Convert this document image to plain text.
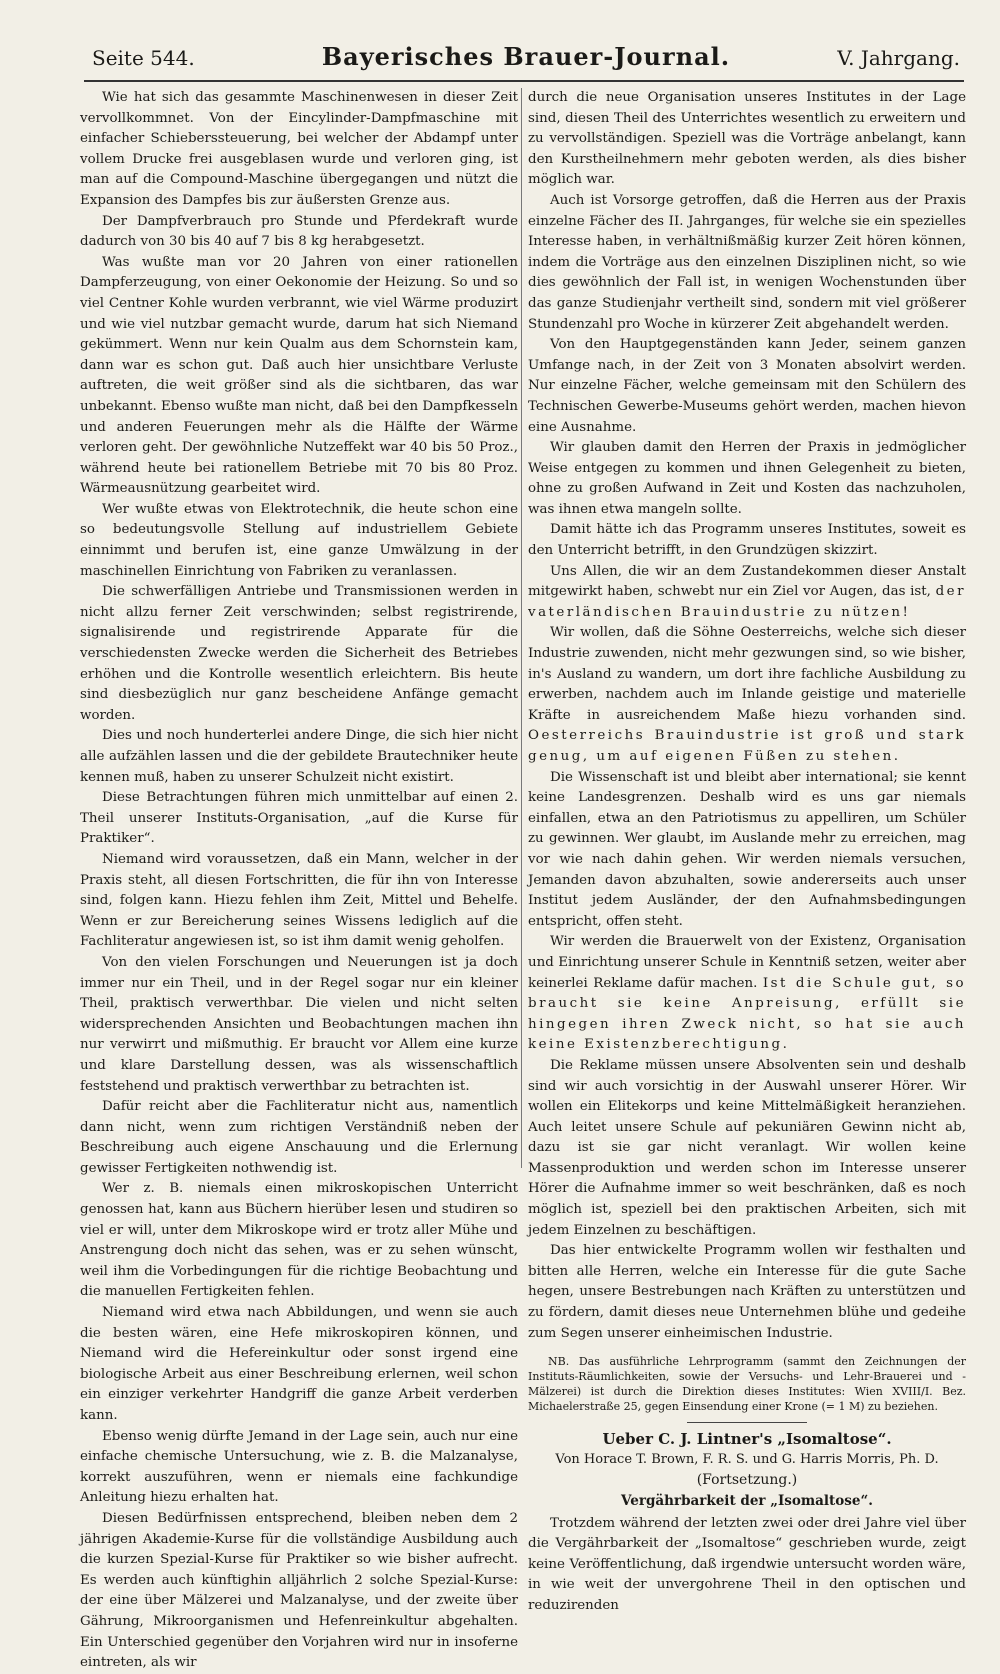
Seite 544.	Bayerisches Brauer-Journal.	V. Jahrgang.

Wie hat sich das gesammte Maschinenwesen in dieser Zeit vervollkommnet. Von der Eincylinder-Dampfmaschine mit einfacher Schieberssteuerung, bei welcher der Abdampf unter vollem Drucke frei ausgeblasen wurde und verloren ging, ist man auf die Compound-Maschine übergegangen und nützt die Expansion des Dampfes bis zur äußersten Grenze aus.

Der Dampfverbrauch pro Stunde und Pferdekraft wurde dadurch von 30 bis 40 auf 7 bis 8 kg herabgesetzt.

Was wußte man vor 20 Jahren von einer rationellen Dampferzeugung, von einer Oekonomie der Heizung. So und so viel Centner Kohle wurden verbrannt, wie viel Wärme produzirt und wie viel nutzbar gemacht wurde, darum hat sich Niemand gekümmert. Wenn nur kein Qualm aus dem Schornstein kam, dann war es schon gut. Daß auch hier unsichtbare Verluste auftreten, die weit größer sind als die sichtbaren, das war unbekannt. Ebenso wußte man nicht, daß bei den Dampfkesseln und anderen Feuerungen mehr als die Hälfte der Wärme verloren geht. Der gewöhnliche Nutzeffekt war 40 bis 50 Proz., während heute bei rationellem Betriebe mit 70 bis 80 Proz. Wärmeausnützung gearbeitet wird.

Wer wußte etwas von Elektrotechnik, die heute schon eine so bedeutungsvolle Stellung auf industriellem Gebiete einnimmt und berufen ist, eine ganze Umwälzung in der maschinellen Einrichtung von Fabriken zu veranlassen.

Die schwerfälligen Antriebe und Transmissionen werden in nicht allzu ferner Zeit verschwinden; selbst registrirende, signalisirende und registrirende Apparate für die verschiedensten Zwecke werden die Sicherheit des Betriebes erhöhen und die Kontrolle wesentlich erleichtern. Bis heute sind diesbezüglich nur ganz bescheidene Anfänge gemacht worden.

Dies und noch hunderterlei andere Dinge, die sich hier nicht alle aufzählen lassen und die der gebildete Brautechniker heute kennen muß, haben zu unserer Schulzeit nicht existirt.

Diese Betrachtungen führen mich unmittelbar auf einen 2. Theil unserer Instituts-Organisation, „auf die Kurse für Praktiker“.

Niemand wird voraussetzen, daß ein Mann, welcher in der Praxis steht, all diesen Fortschritten, die für ihn von Interesse sind, folgen kann. Hiezu fehlen ihm Zeit, Mittel und Behelfe. Wenn er zur Bereicherung seines Wissens lediglich auf die Fachliteratur angewiesen ist, so ist ihm damit wenig geholfen.

Von den vielen Forschungen und Neuerungen ist ja doch immer nur ein Theil, und in der Regel sogar nur ein kleiner Theil, praktisch verwerthbar. Die vielen und nicht selten widersprechenden Ansichten und Beobachtungen machen ihn nur verwirrt und mißmuthig. Er braucht vor Allem eine kurze und klare Darstellung dessen, was als wissenschaftlich feststehend und praktisch verwerthbar zu betrachten ist.

Dafür reicht aber die Fachliteratur nicht aus, namentlich dann nicht, wenn zum richtigen Verständniß neben der Beschreibung auch eigene Anschauung und die Erlernung gewisser Fertigkeiten nothwendig ist.

Wer z. B. niemals einen mikroskopischen Unterricht genossen hat, kann aus Büchern hierüber lesen und studiren so viel er will, unter dem Mikroskope wird er trotz aller Mühe und Anstrengung doch nicht das sehen, was er zu sehen wünscht, weil ihm die Vorbedingungen für die richtige Beobachtung und die manuellen Fertigkeiten fehlen.

Niemand wird etwa nach Abbildungen, und wenn sie auch die besten wären, eine Hefe mikroskopiren können, und Niemand wird die Hefereinkultur oder sonst irgend eine biologische Arbeit aus einer Beschreibung erlernen, weil schon ein einziger verkehrter Handgriff die ganze Arbeit verderben kann.

Ebenso wenig dürfte Jemand in der Lage sein, auch nur eine einfache chemische Untersuchung, wie z. B. die Malzanalyse, korrekt auszuführen, wenn er niemals eine fachkundige Anleitung hiezu erhalten hat.

Diesen Bedürfnissen entsprechend, bleiben neben dem 2 jährigen Akademie-Kurse für die vollständige Ausbildung auch die kurzen Spezial-Kurse für Praktiker so wie bisher aufrecht. Es werden auch künftighin alljährlich 2 solche Spezial-Kurse: der eine über Mälzerei und Malzanalyse, und der zweite über Gährung, Mikroorganismen und Hefenreinkultur abgehalten. Ein Unterschied gegenüber den Vorjahren wird nur in insoferne eintreten, als wir

durch die neue Organisation unseres Institutes in der Lage sind, diesen Theil des Unterrichtes wesentlich zu erweitern und zu vervollständigen. Speziell was die Vorträge anbelangt, kann den Kurstheilnehmern mehr geboten werden, als dies bisher möglich war.

Auch ist Vorsorge getroffen, daß die Herren aus der Praxis einzelne Fächer des II. Jahrganges, für welche sie ein spezielles Interesse haben, in verhältnißmäßig kurzer Zeit hören können, indem die Vorträge aus den einzelnen Disziplinen nicht, so wie dies gewöhnlich der Fall ist, in wenigen Wochenstunden über das ganze Studienjahr vertheilt sind, sondern mit viel größerer Stundenzahl pro Woche in kürzerer Zeit abgehandelt werden.

Von den Hauptgegenständen kann Jeder, seinem ganzen Umfange nach, in der Zeit von 3 Monaten absolvirt werden. Nur einzelne Fächer, welche gemeinsam mit den Schülern des Technischen Gewerbe-Museums gehört werden, machen hievon eine Ausnahme.

Wir glauben damit den Herren der Praxis in jedmöglicher Weise entgegen zu kommen und ihnen Gelegenheit zu bieten, ohne zu großen Aufwand in Zeit und Kosten das nachzuholen, was ihnen etwa mangeln sollte.

Damit hätte ich das Programm unseres Institutes, soweit es den Unterricht betrifft, in den Grundzügen skizzirt.

Uns Allen, die wir an dem Zustandekommen dieser Anstalt mitgewirkt haben, schwebt nur ein Ziel vor Augen, das ist, der vaterländischen Brauindustrie zu nützen!

Wir wollen, daß die Söhne Oesterreichs, welche sich dieser Industrie zuwenden, nicht mehr gezwungen sind, so wie bisher, in's Ausland zu wandern, um dort ihre fachliche Ausbildung zu erwerben, nachdem auch im Inlande geistige und materielle Kräfte in ausreichendem Maße hiezu vorhanden sind. Oesterreichs Brauindustrie ist groß und stark genug, um auf eigenen Füßen zu stehen.

Die Wissenschaft ist und bleibt aber international; sie kennt keine Landesgrenzen. Deshalb wird es uns gar niemals einfallen, etwa an den Patriotismus zu appelliren, um Schüler zu gewinnen. Wer glaubt, im Auslande mehr zu erreichen, mag vor wie nach dahin gehen. Wir werden niemals versuchen, Jemanden davon abzuhalten, sowie andererseits auch unser Institut jedem Ausländer, der den Aufnahmsbedingungen entspricht, offen steht.

Wir werden die Brauerwelt von der Existenz, Organisation und Einrichtung unserer Schule in Kenntniß setzen, weiter aber keinerlei Reklame dafür machen. Ist die Schule gut, so braucht sie keine Anpreisung, erfüllt sie hingegen ihren Zweck nicht, so hat sie auch keine Existenzberechtigung.

Die Reklame müssen unsere Absolventen sein und deshalb sind wir auch vorsichtig in der Auswahl unserer Hörer. Wir wollen ein Elitekorps und keine Mittelmäßigkeit heranziehen. Auch leitet unsere Schule auf pekuniären Gewinn nicht ab, dazu ist sie gar nicht veranlagt. Wir wollen keine Massenproduktion und werden schon im Interesse unserer Hörer die Aufnahme immer so weit beschränken, daß es noch möglich ist, speziell bei den praktischen Arbeiten, sich mit jedem Einzelnen zu beschäftigen.

Das hier entwickelte Programm wollen wir festhalten und bitten alle Herren, welche ein Interesse für die gute Sache hegen, unsere Bestrebungen nach Kräften zu unterstützen und zu fördern, damit dieses neue Unternehmen blühe und gedeihe zum Segen unserer einheimischen Industrie.

NB. Das ausführliche Lehrprogramm (sammt den Zeichnungen der Instituts-Räumlichkeiten, sowie der Versuchs- und Lehr-Brauerei und -Mälzerei) ist durch die Direktion dieses Institutes: Wien XVIII/I. Bez. Michaelerstraße 25, gegen Einsendung einer Krone (= 1 M) zu beziehen.

Ueber C. J. Lintner's „Isomaltose“.
Von Horace T. Brown, F. R. S. und G. Harris Morris, Ph. D.
(Fortsetzung.)
Vergährbarkeit der „Isomaltose“.

Trotzdem während der letzten zwei oder drei Jahre viel über die Vergährbarkeit der „Isomaltose“ geschrieben wurde, zeigt keine Veröffentlichung, daß irgendwie untersucht worden wäre, in wie weit der unvergohrene Theil in den optischen und reduzirenden
